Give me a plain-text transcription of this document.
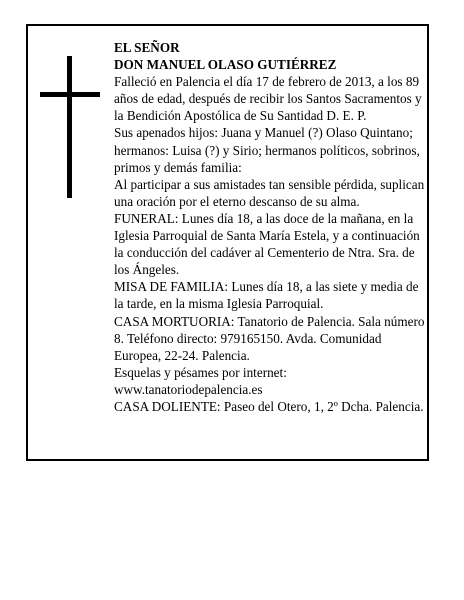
EL SEÑOR

DON MANUEL OLASO GUTIÉRREZ

Falleció en Palencia el día 17 de febrero de 2013, a los 89 años de edad, después de recibir los Santos Sacramentos y la Bendición Apostólica de Su Santidad D. E. P.

Sus apenados hijos: Juana y Manuel (?) Olaso Quintano; hermanos: Luisa (?) y Sirio; hermanos políticos, sobrinos, primos y demás familia:

Al participar a sus amistades tan sensible pérdida, suplican una oración por el eterno descanso de su alma.

FUNERAL: Lunes día 18, a las doce de la mañana, en la Iglesia Parroquial de Santa María Estela, y a continuación la conducción del cadáver al Cementerio de Ntra. Sra. de los Ángeles.

MISA DE FAMILIA: Lunes día 18, a las siete y media de la tarde, en la misma Iglesia Parroquial.

CASA MORTUORIA: Tanatorio de Palencia. Sala número 8. Teléfono directo: 979165150. Avda. Comunidad Europea, 22-24. Palencia.

Esquelas y pésames por internet: www.tanatoriodepalencia.es

CASA DOLIENTE: Paseo del Otero, 1, 2º Dcha. Palencia.
